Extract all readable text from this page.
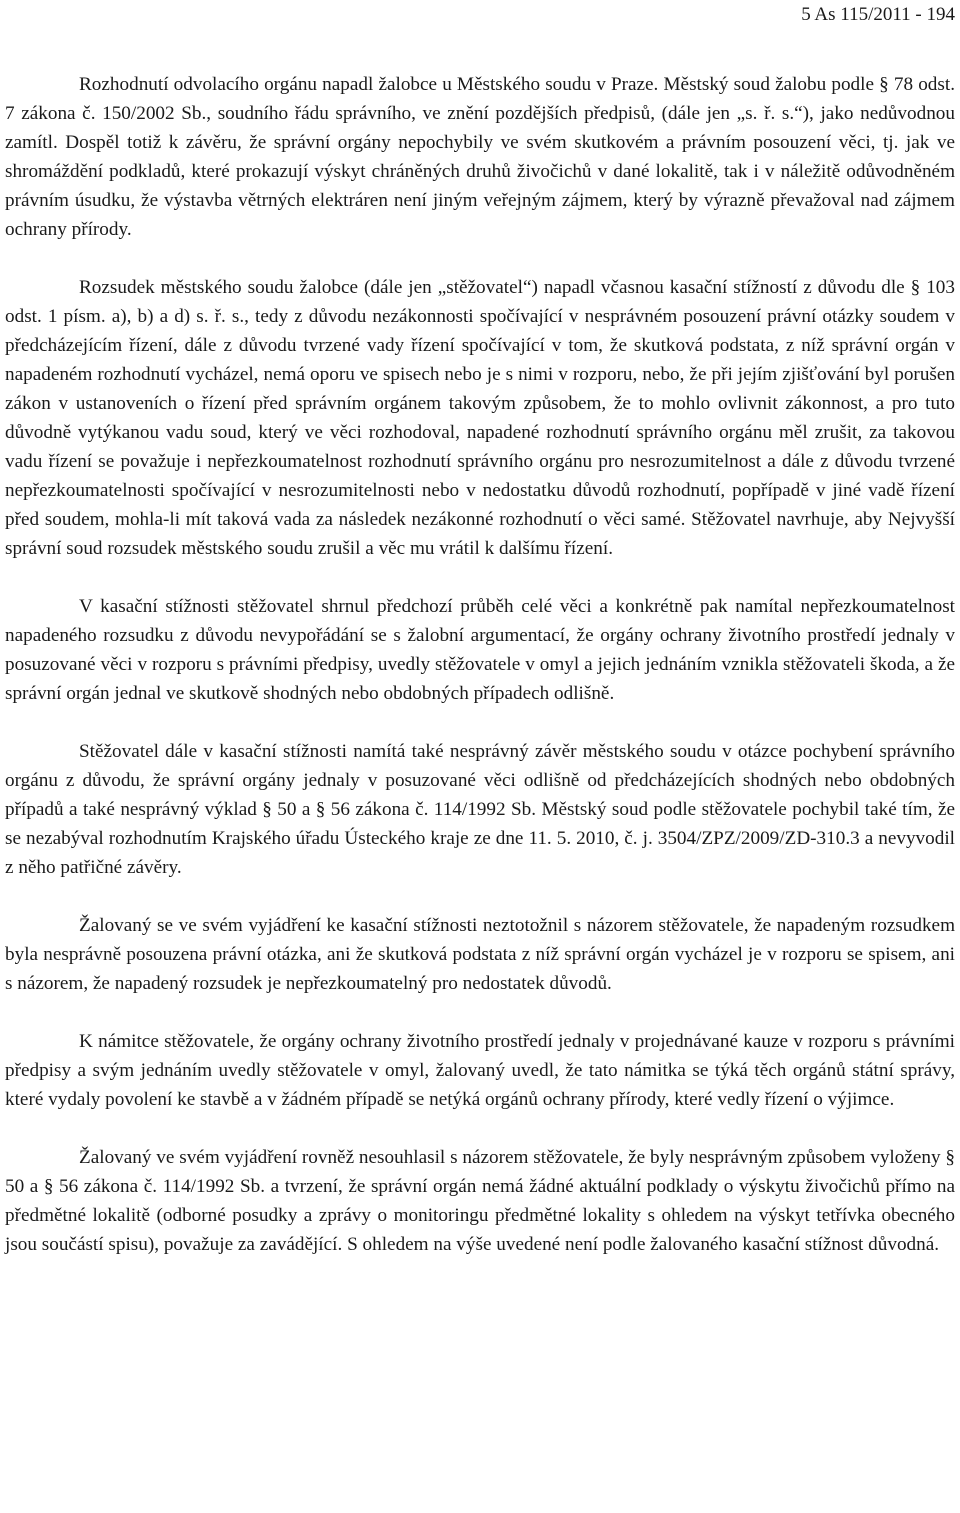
5 As 115/2011 - 194

Rozhodnutí odvolacího orgánu napadl žalobce u Městského soudu v Praze. Městský soud žalobu podle § 78 odst. 7 zákona č. 150/2002 Sb., soudního řádu správního, ve znění pozdějších předpisů, (dále jen „s. ř. s.“), jako nedůvodnou zamítl. Dospěl totiž k závěru, že správní orgány nepochybily ve svém skutkovém a právním posouzení věci, tj. jak ve shromáždění podkladů, které prokazují výskyt chráněných druhů živočichů v dané lokalitě, tak i v náležitě odůvodněném právním úsudku, že výstavba větrných elektráren není jiným veřejným zájmem, který by výrazně převažoval nad zájmem ochrany přírody.

Rozsudek městského soudu žalobce (dále jen „stěžovatel“) napadl včasnou kasační stížností z důvodu dle § 103 odst. 1 písm. a), b) a d) s. ř. s., tedy z důvodu nezákonnosti spočívající v nesprávném posouzení právní otázky soudem v předcházejícím řízení, dále z důvodu tvrzené vady řízení spočívající v tom, že skutková podstata, z níž správní orgán v napadeném rozhodnutí vycházel, nemá oporu ve spisech nebo je s nimi v rozporu, nebo, že při jejím zjišťování byl porušen zákon v ustanoveních o řízení před správním orgánem takovým způsobem, že to mohlo ovlivnit zákonnost, a pro tuto důvodně vytýkanou vadu soud, který ve věci rozhodoval, napadené rozhodnutí správního orgánu měl zrušit, za takovou vadu řízení se považuje i nepřezkoumatelnost rozhodnutí správního orgánu pro nesrozumitelnost a dále z důvodu tvrzené nepřezkoumatelnosti spočívající v nesrozumitelnosti nebo v nedostatku důvodů rozhodnutí, popřípadě v jiné vadě řízení před soudem, mohla-li mít taková vada za následek nezákonné rozhodnutí o věci samé. Stěžovatel navrhuje, aby Nejvyšší správní soud rozsudek městského soudu zrušil a věc mu vrátil k dalšímu řízení.

V kasační stížnosti stěžovatel shrnul předchozí průběh celé věci a konkrétně pak namítal nepřezkoumatelnost napadeného rozsudku z důvodu nevypořádání se s žalobní argumentací, že orgány ochrany životního prostředí jednaly v posuzované věci v rozporu s právními předpisy, uvedly stěžovatele v omyl a jejich jednáním vznikla stěžovateli škoda, a že správní orgán jednal ve skutkově shodných nebo obdobných případech odlišně.

Stěžovatel dále v kasační stížnosti namítá také nesprávný závěr městského soudu v otázce pochybení správního orgánu z důvodu, že správní orgány jednaly v posuzované věci odlišně od předcházejících shodných nebo obdobných případů a také nesprávný výklad § 50 a § 56 zákona č. 114/1992 Sb. Městský soud podle stěžovatele pochybil také tím, že se nezabýval rozhodnutím Krajského úřadu Ústeckého kraje ze dne 11. 5. 2010, č. j. 3504/ZPZ/2009/ZD-310.3 a nevyvodil z něho patřičné závěry.

Žalovaný se ve svém vyjádření ke kasační stížnosti neztotožnil s názorem stěžovatele, že napadeným rozsudkem byla nesprávně posouzena právní otázka, ani že skutková podstata z níž správní orgán vycházel je v rozporu se spisem, ani s názorem, že napadený rozsudek je nepřezkoumatelný pro nedostatek důvodů.

K námitce stěžovatele, že orgány ochrany životního prostředí jednaly v projednávané kauze v rozporu s právními předpisy a svým jednáním uvedly stěžovatele v omyl, žalovaný uvedl, že tato námitka se týká těch orgánů státní správy, které vydaly povolení ke stavbě a v žádném případě se netýká orgánů ochrany přírody, které vedly řízení o výjimce.

Žalovaný ve svém vyjádření rovněž nesouhlasil s názorem stěžovatele, že byly nesprávným způsobem vyloženy § 50 a § 56 zákona č. 114/1992 Sb. a tvrzení, že správní orgán nemá žádné aktuální podklady o výskytu živočichů přímo na předmětné lokalitě (odborné posudky a zprávy o monitoringu předmětné lokality s ohledem na výskyt tetřívka obecného jsou součástí spisu), považuje za zavádějící. S ohledem na výše uvedené není podle žalovaného kasační stížnost důvodná.
